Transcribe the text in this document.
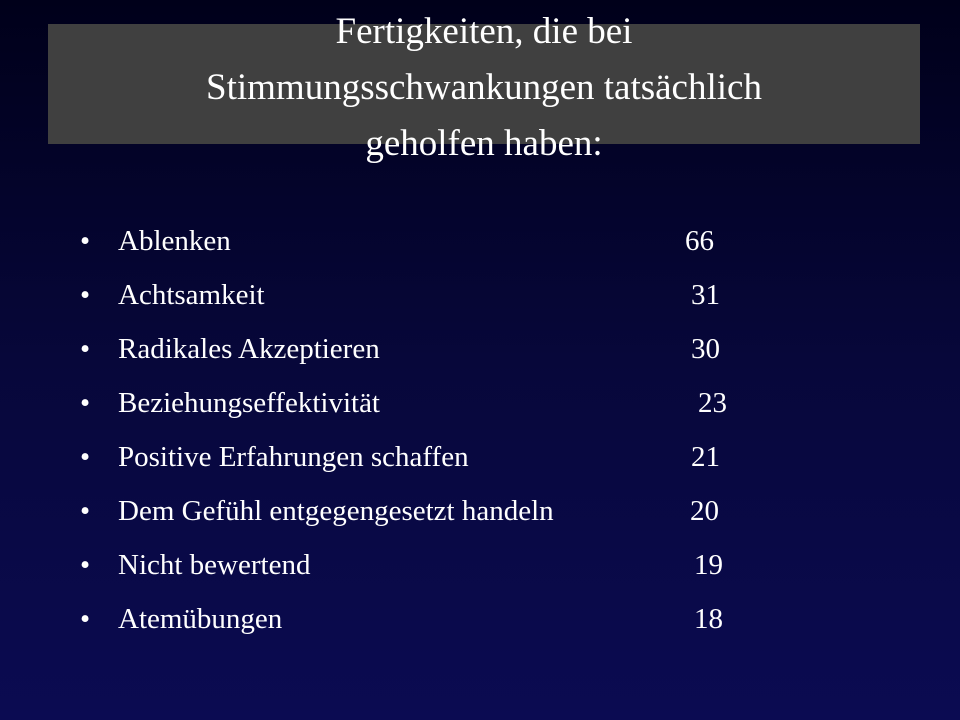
Fertigkeiten, die bei
Stimmungsschwankungen tatsächlich
geholfen haben:
• Ablenken	66
• Achtsamkeit	31
• Radikales Akzeptieren	30
• Beziehungseffektivität	23
• Positive Erfahrungen schaffen	21
• Dem Gefühl entgegengesetzt handeln	20
• Nicht bewertend	19
• Atemübungen	18
